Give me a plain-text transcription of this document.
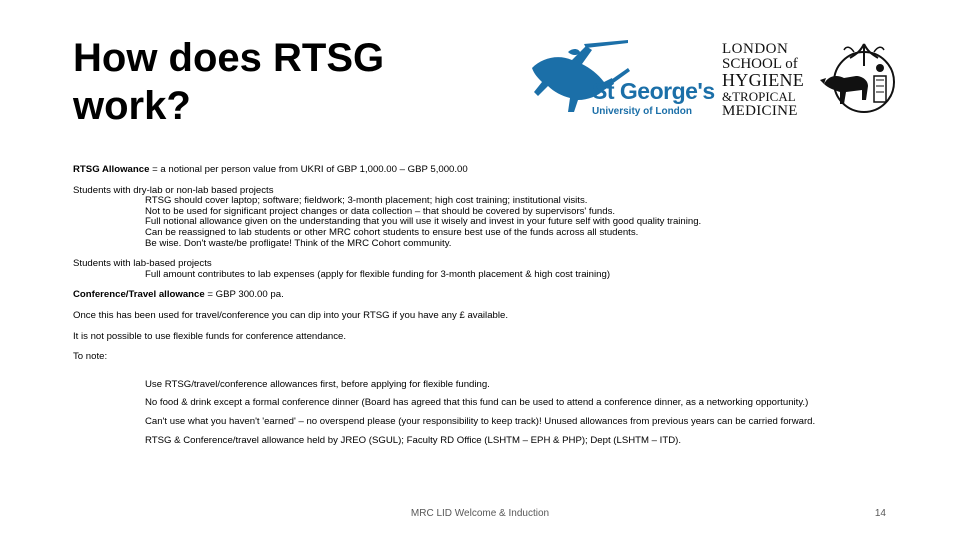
How does RTSG
work?	St George's
University of London
LONDON
SCHOOL of
HYGIENE
&TROPICAL
MEDICINE

RTSG Allowance = a notional per person value from UKRI of GBP 1,000.00 – GBP 5,000.00

Students with dry-lab or non-lab based projects

RTSG should cover laptop; software; fieldwork; 3-month placement; high cost training; institutional visits.
Not to be used for significant project changes or data collection – that should be covered by supervisors' funds.
Full notional allowance given on the understanding that you will use it wisely and invest in your future self with good quality training.
Can be reassigned to lab students or other MRC cohort students to ensure best use of the funds across all students.
Be wise. Don't waste/be profligate! Think of the MRC Cohort community.

Students with lab-based projects

Full amount contributes to lab expenses (apply for flexible funding for 3-month placement & high cost training)

Conference/Travel allowance = GBP 300.00 pa.

Once this has been used for travel/conference you can dip into your RTSG if you have any £ available.

It is not possible to use flexible funds for conference attendance.

To note:

Use RTSG/travel/conference allowances first, before applying for flexible funding.

No food & drink except a formal conference dinner (Board has agreed that this fund can be used to attend a conference dinner, as a networking opportunity.)

Can't use what you haven't 'earned' – no overspend please (your responsibility to keep track)! Unused allowances from previous years can be carried forward.

RTSG & Conference/travel allowance held by JREO (SGUL); Faculty RD Office (LSHTM – EPH & PHP); Dept (LSHTM – ITD).

MRC LID Welcome & Induction	14
